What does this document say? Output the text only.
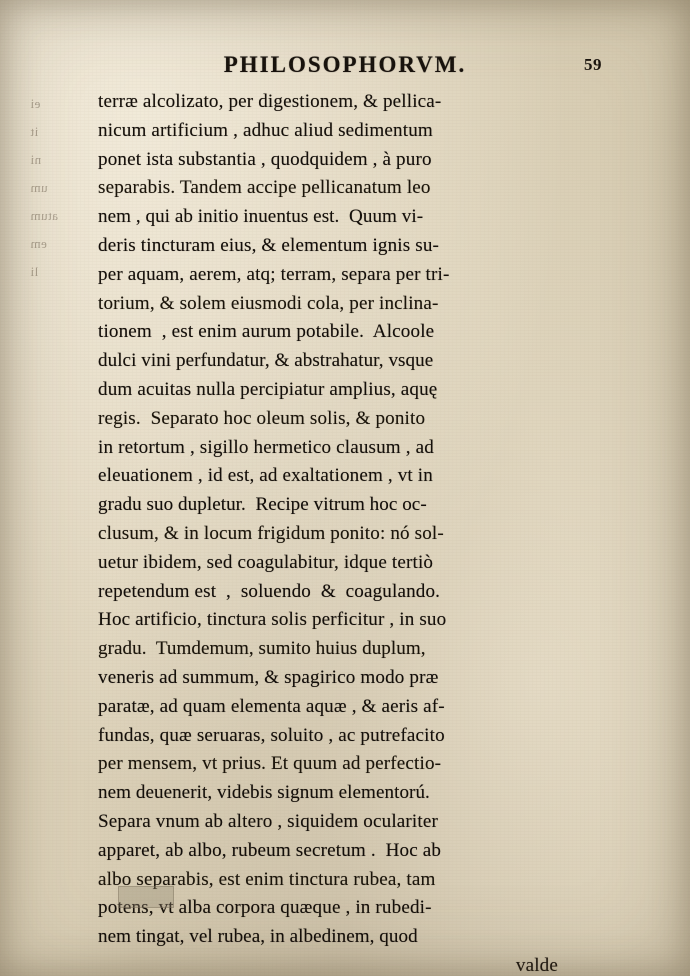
PHILOSOPHORVM.	59
terræ alcolizato, per digestionem, & pellica-
nicum artificium , adhuc aliud sedimentum
ponet ista substantia , quodquidem , à puro
separabis. Tandem accipe pellicanatum leo
nem , qui ab initio inuentus est.  Quum vi-
deris tincturam eius, & elementum ignis su-
per aquam, aerem, atq; terram, separa per tri-
torium, & solem eiusmodi cola, per inclina-
tionem  , est enim aurum potabile.  Alcoole
dulci vini perfundatur, & abstrahatur, vsque
dum acuitas nulla percipiatur amplius, aquę
regis.  Separato hoc oleum solis, & ponito
in retortum , sigillo hermetico clausum , ad
eleuationem , id est, ad exaltationem , vt in
gradu suo dupletur.  Recipe vitrum hoc oc-
clusum, & in locum frigidum ponito: nó sol-
uetur ibidem, sed coagulabitur, idque tertiò
repetendum est  ,  soluendo  &  coagulando.
Hoc artificio, tinctura solis perficitur , in suo
gradu.  Tumdemum, sumito huius duplum,
veneris ad summum, & spagirico modo præ
paratæ, ad quam elementa aquæ , & aeris af-
fundas, quæ seruaras, soluito , ac putrefacito
per mensem, vt prius. Et quum ad perfectio-
nem deuenerit, videbis signum elementorú.
Separa vnum ab altero , siquidem oculariter
apparet, ab albo, rubeum secretum .  Hoc ab
albo separabis, est enim tinctura rubea, tam
potens, vt alba corpora quæque , in rubedi-
nem tingat, vel rubea, in albedinem, quod
valde
ei
it
ni
um
atum
em
li
